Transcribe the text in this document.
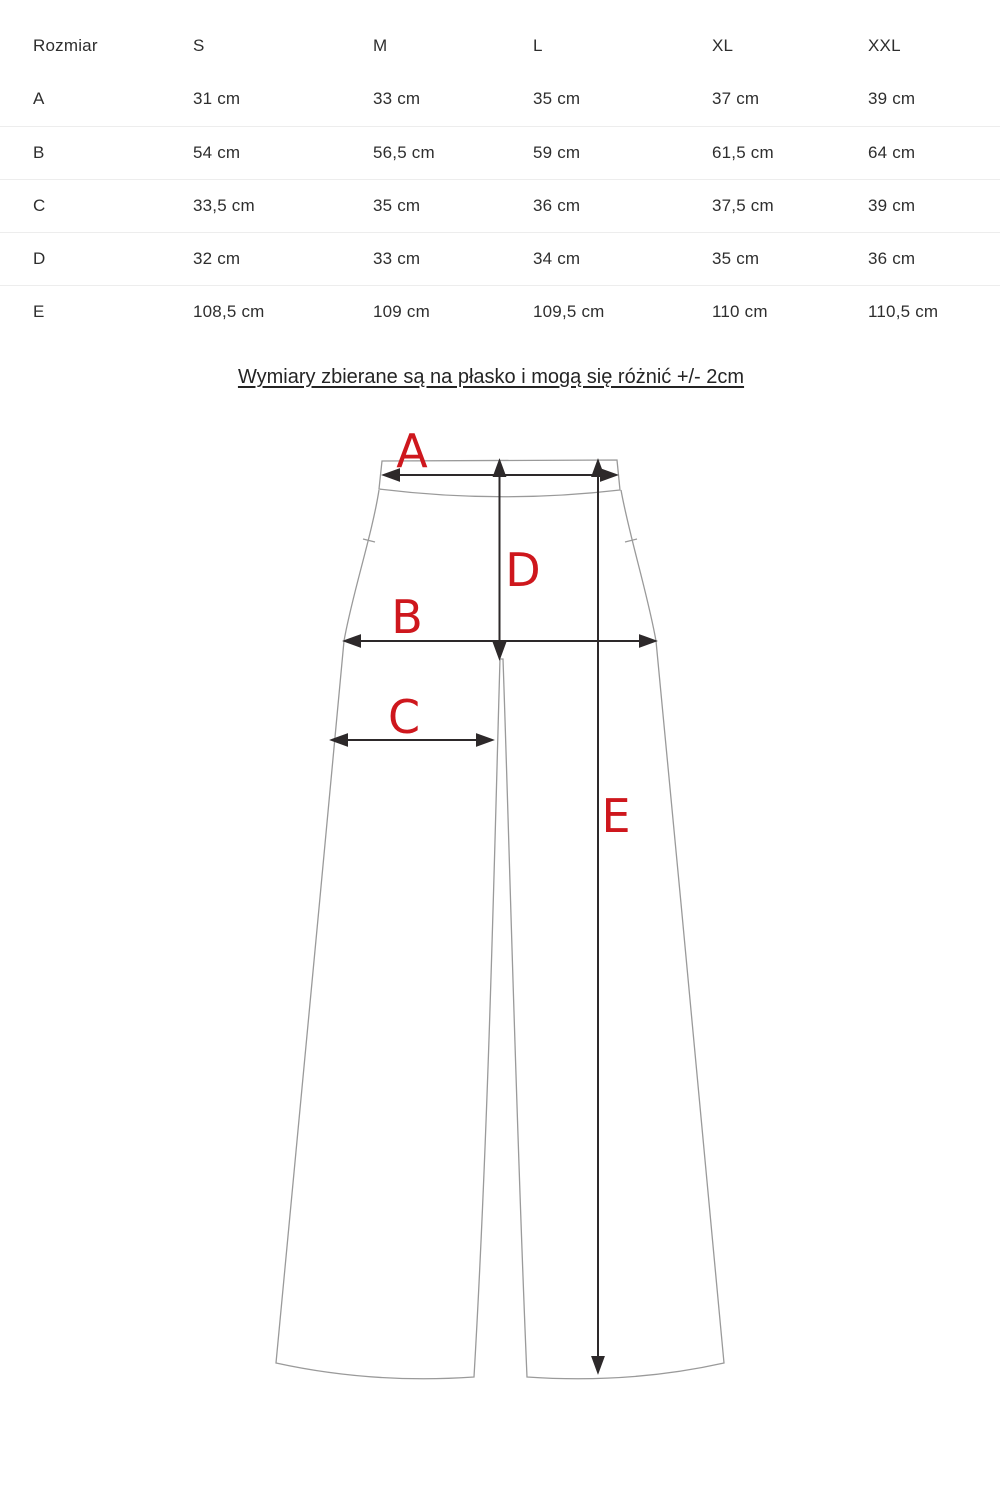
Rozmiar	S	M	L	XL	XXL
A	31 cm	33 cm	35 cm	37 cm	39 cm
B	54 cm	56,5 cm	59 cm	61,5 cm	64 cm
C	33,5 cm	35 cm	36 cm	37,5 cm	39 cm
D	32 cm	33 cm	34 cm	35 cm	36 cm
E	108,5 cm	109 cm	109,5 cm	110 cm	110,5 cm
Wymiary zbierane są na płasko i mogą się różnić +/- 2cm
A
B
C
D
E
